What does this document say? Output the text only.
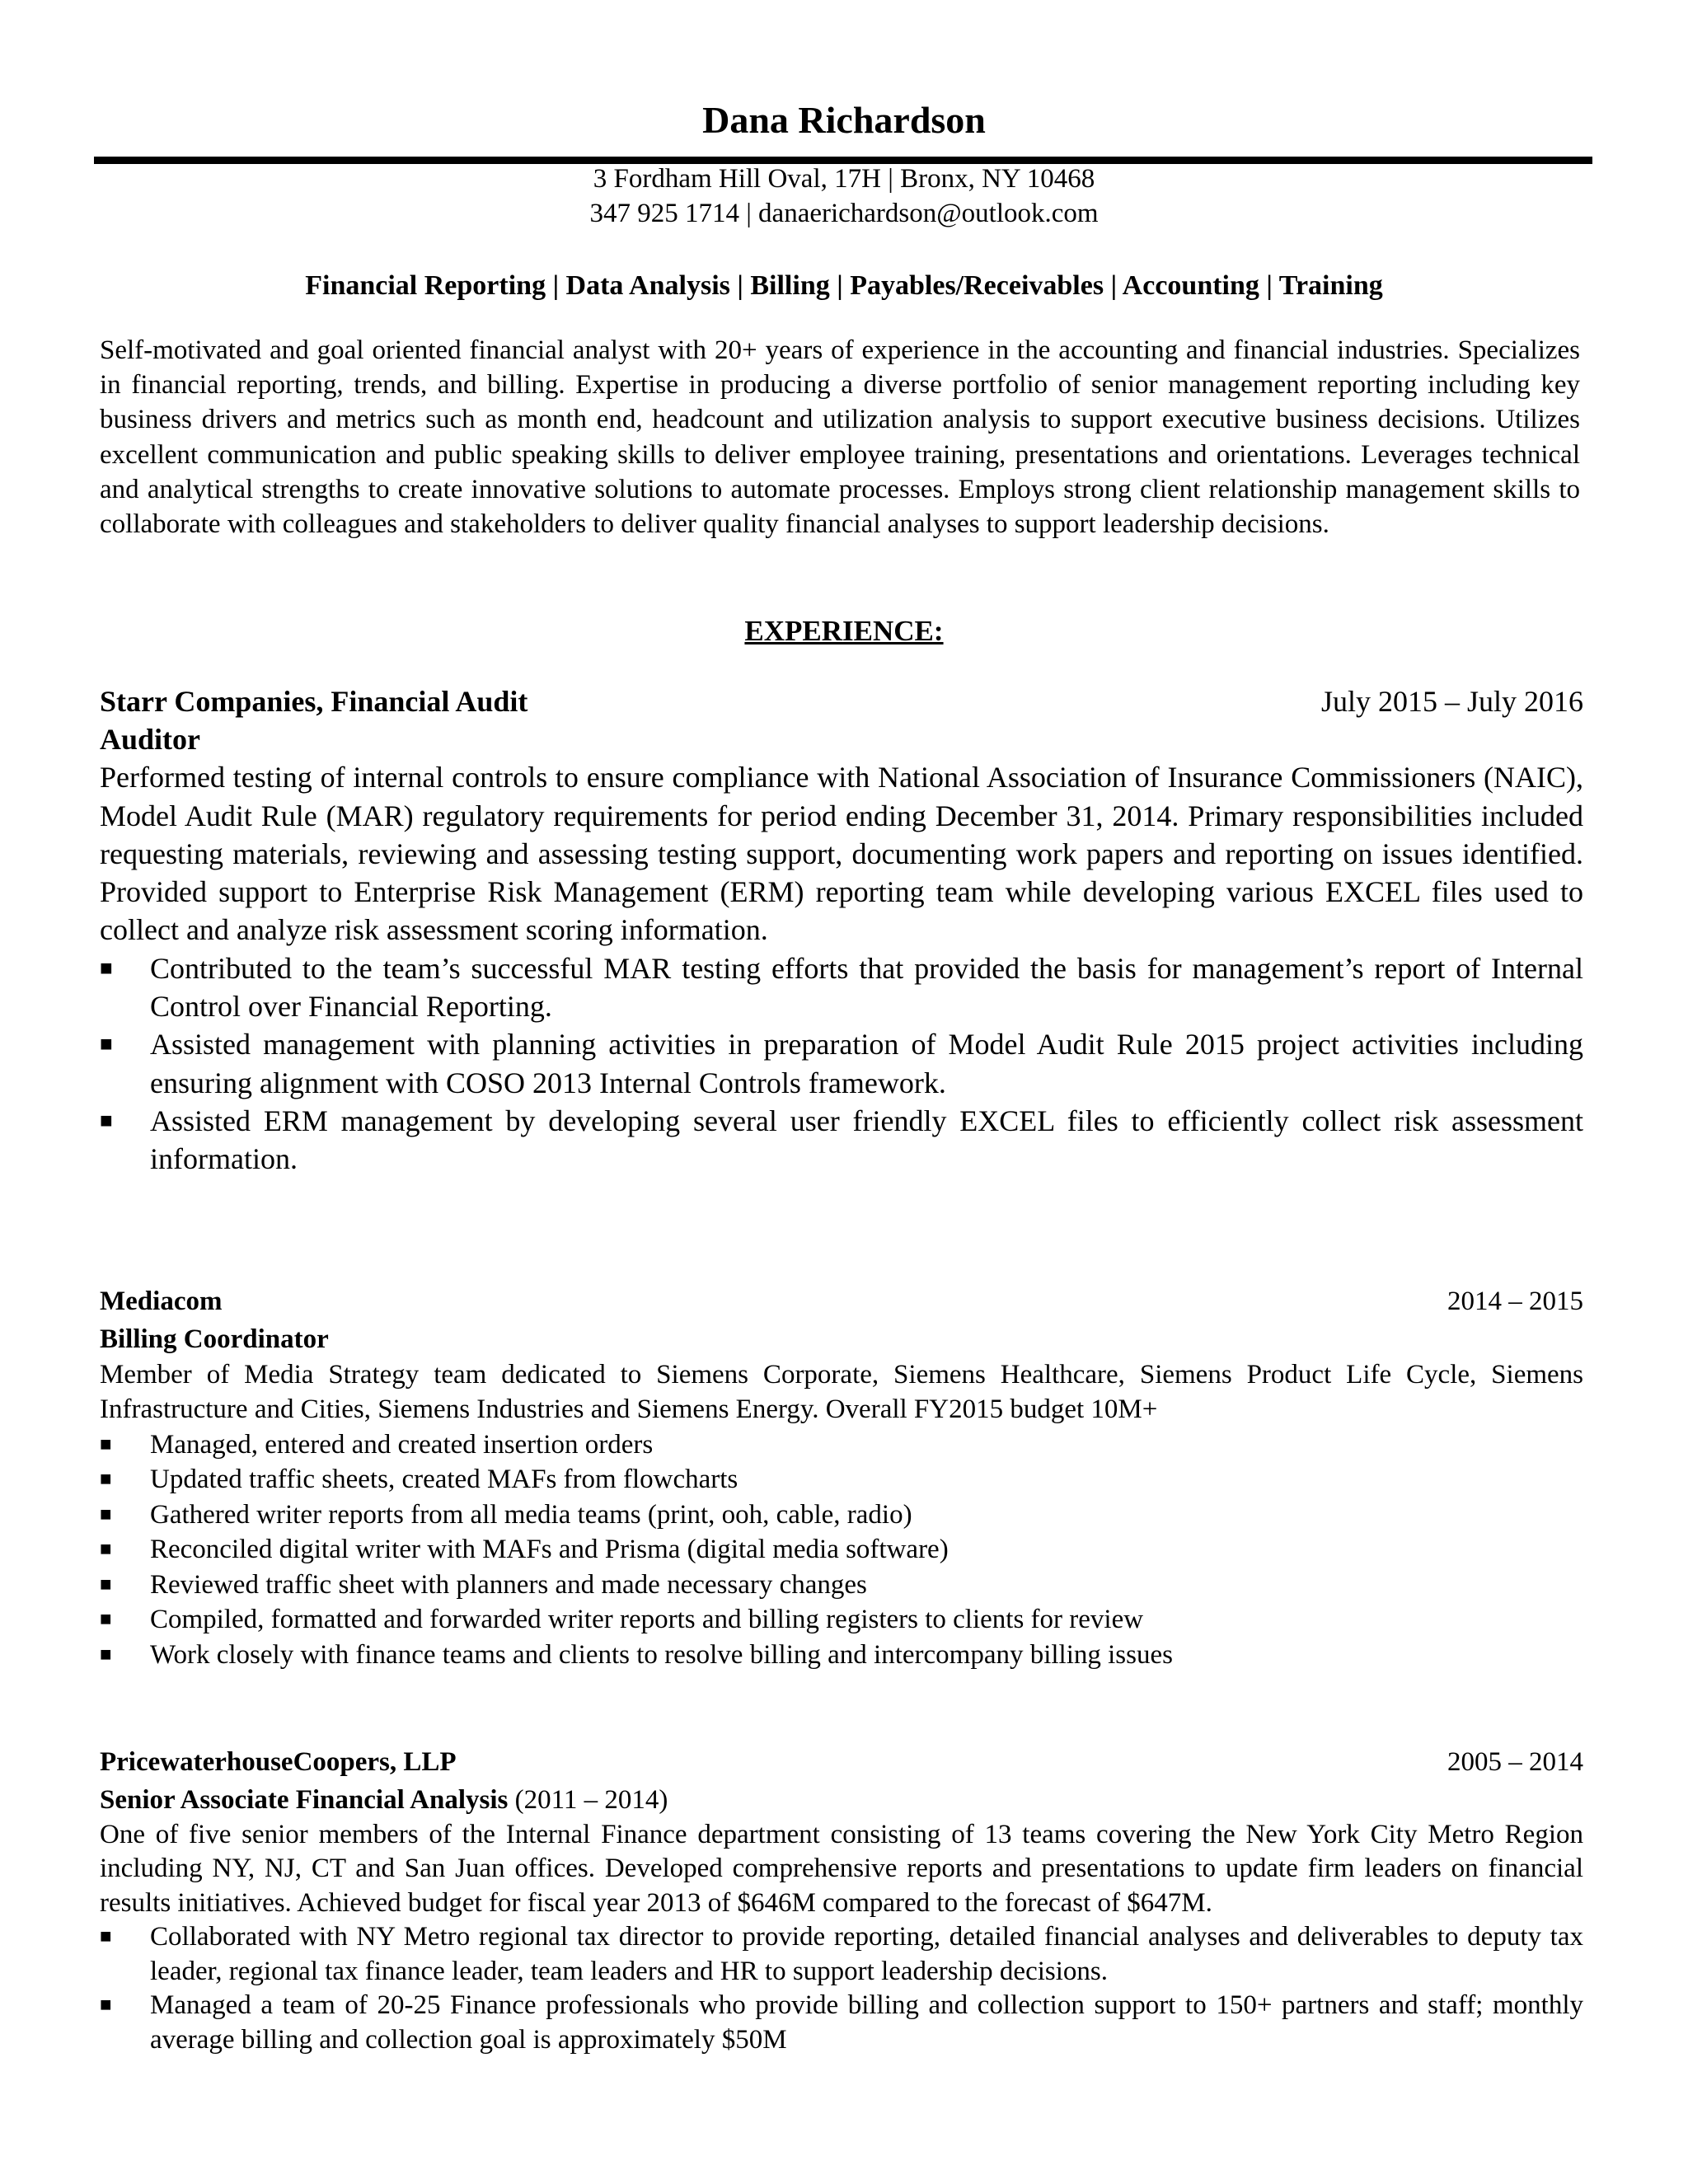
Dana Richardson
3 Fordham Hill Oval, 17H | Bronx, NY 10468
347 925 1714 | danaerichardson@outlook.com
Financial Reporting | Data Analysis | Billing | Payables/Receivables | Accounting | Training

Self-motivated and goal oriented financial analyst with 20+ years of experience in the accounting and financial industries. Specializes in financial reporting, trends, and billing. Expertise in producing a diverse portfolio of senior management reporting including key business drivers and metrics such as month end, headcount and utilization analysis to support executive business decisions. Utilizes excellent communication and public speaking skills to deliver employee training, presentations and orientations. Leverages technical and analytical strengths to create innovative solutions to automate processes. Employs strong client relationship management skills to collaborate with colleagues and stakeholders to deliver quality financial analyses to support leadership decisions.

EXPERIENCE:
Starr Companies, Financial Audit	July 2015 – July 2016
Auditor

Performed testing of internal controls to ensure compliance with National Association of Insurance Commissioners (NAIC), Model Audit Rule (MAR) regulatory requirements for period ending December 31, 2014. Primary responsibilities included requesting materials, reviewing and assessing testing support, documenting work papers and reporting on issues identified. Provided support to Enterprise Risk Management (ERM) reporting team while developing various EXCEL files used to collect and analyze risk assessment scoring information.

■ Contributed to the team’s successful MAR testing efforts that provided the basis for management’s report of Internal Control over Financial Reporting.
■ Assisted management with planning activities in preparation of Model Audit Rule 2015 project activities including ensuring alignment with COSO 2013 Internal Controls framework.
■ Assisted ERM management by developing several user friendly EXCEL files to efficiently collect risk assessment information.
Mediacom	2014 – 2015
Billing Coordinator

Member of Media Strategy team dedicated to Siemens Corporate, Siemens Healthcare, Siemens Product Life Cycle, Siemens Infrastructure and Cities, Siemens Industries and Siemens Energy. Overall FY2015 budget 10M+

■ Managed, entered and created insertion orders
■ Updated traffic sheets, created MAFs from flowcharts
■ Gathered writer reports from all media teams (print, ooh, cable, radio)
■ Reconciled digital writer with MAFs and Prisma (digital media software)
■ Reviewed traffic sheet with planners and made necessary changes
■ Compiled, formatted and forwarded writer reports and billing registers to clients for review
■ Work closely with finance teams and clients to resolve billing and intercompany billing issues
PricewaterhouseCoopers, LLP	2005 – 2014
Senior Associate Financial Analysis (2011 – 2014)

One of five senior members of the Internal Finance department consisting of 13 teams covering the New York City Metro Region including NY, NJ, CT and San Juan offices. Developed comprehensive reports and presentations to update firm leaders on financial results initiatives. Achieved budget for fiscal year 2013 of $646M compared to the forecast of $647M.

■ Collaborated with NY Metro regional tax director to provide reporting, detailed financial analyses and deliverables to deputy tax leader, regional tax finance leader, team leaders and HR to support leadership decisions.
■ Managed a team of 20-25 Finance professionals who provide billing and collection support to 150+ partners and staff; monthly average billing and collection goal is approximately $50M
